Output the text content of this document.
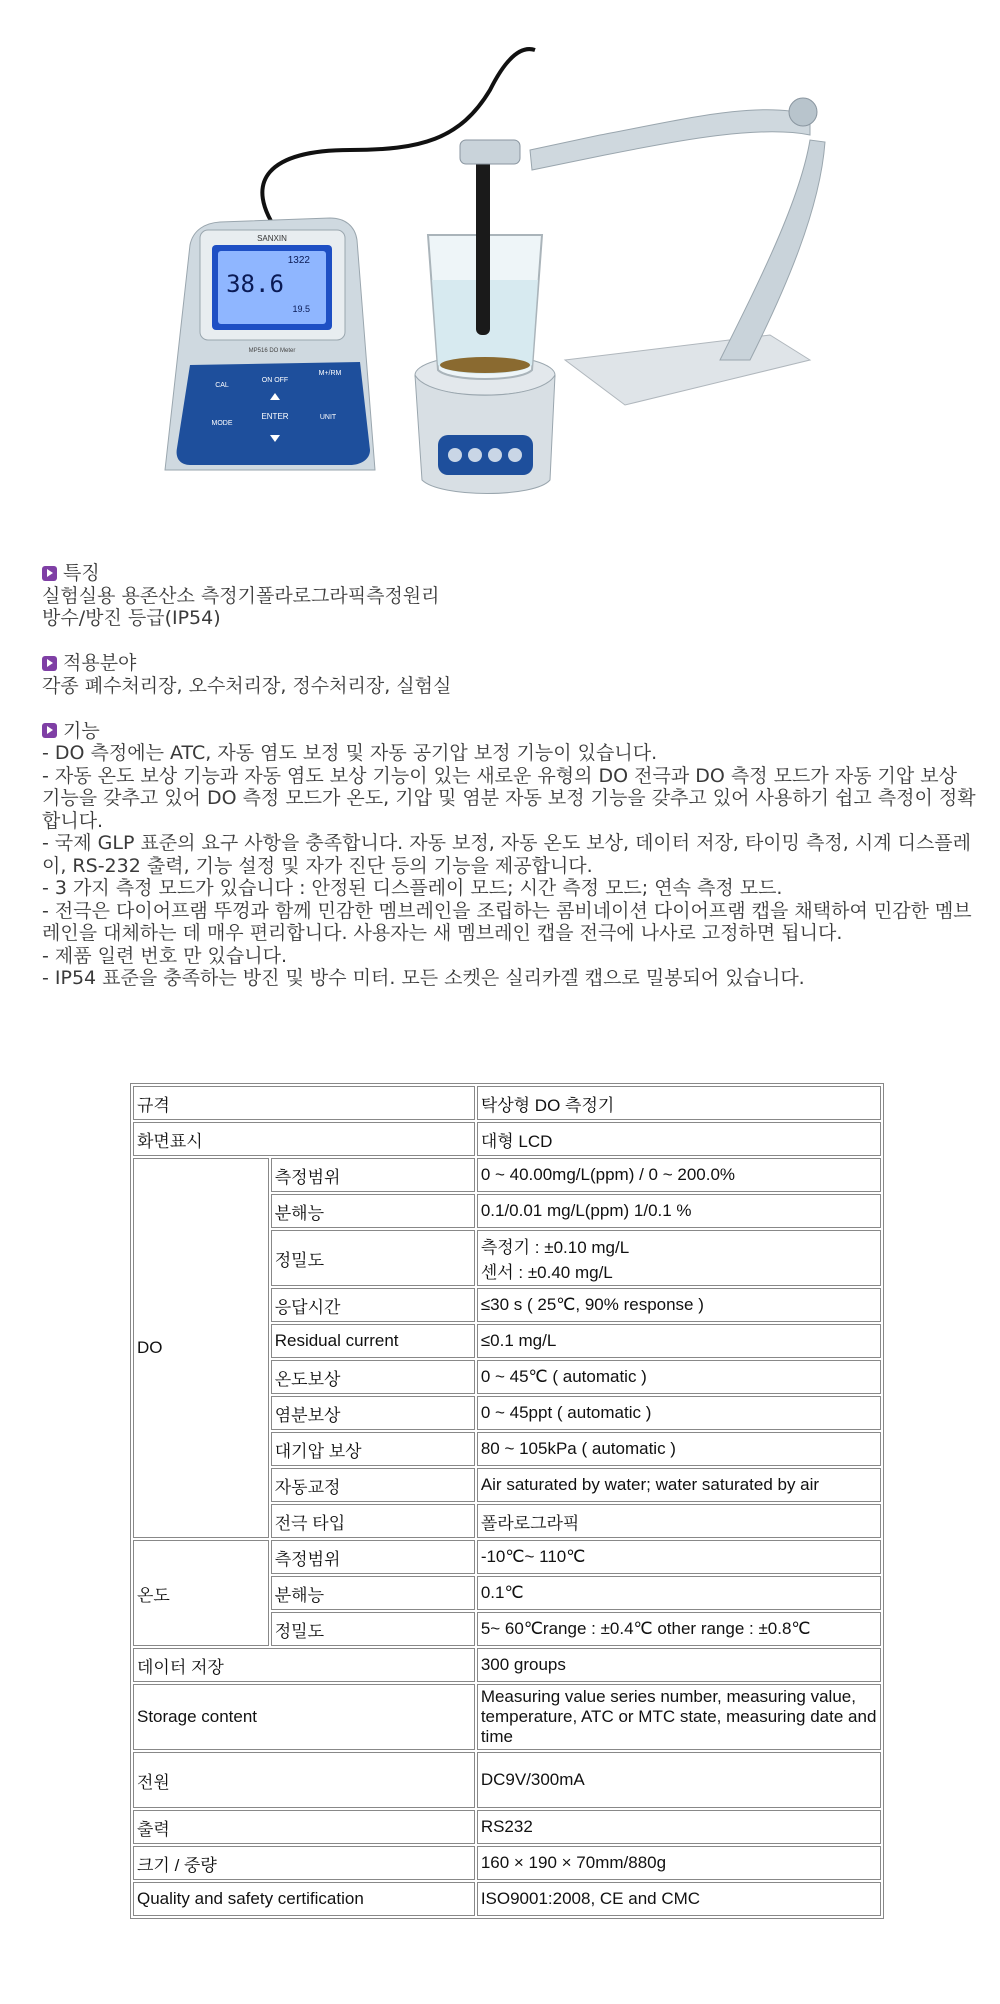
SANXIN
1322
38.6
19.5
MP516 DO Meter
CAL
ON OFF
M+/RM
MODE
ENTER	UNIT
특징
실험실용 용존산소 측정기폴라로그라픽측정원리
방수/방진 등급(IP54)
적용분야
각종 폐수처리장, 오수처리장, 정수처리장, 실험실
기능
- DO 측정에는 ATC, 자동 염도 보정 및 자동 공기압 보정 기능이 있습니다.
- 자동 온도 보상 기능과 자동 염도 보상 기능이 있는 새로운 유형의 DO 전극과 DO 측정 모드가 자동 기압 보상 기능을 갖추고 있어 DO 측정 모드가 온도, 기압 및 염분 자동 보정 기능을 갖추고 있어 사용하기 쉽고 측정이 정확합니다.
- 국제 GLP 표준의 요구 사항을 충족합니다. 자동 보정, 자동 온도 보상, 데이터 저장, 타이밍 측정, 시계 디스플레이, RS-232 출력, 기능 설정 및 자가 진단 등의 기능을 제공합니다.
- 3 가지 측정 모드가 있습니다 : 안정된 디스플레이 모드; 시간 측정 모드; 연속 측정 모드.
- 전극은 다이어프램 뚜껑과 함께 민감한 멤브레인을 조립하는 콤비네이션 다이어프램 캡을 채택하여 민감한 멤브레인을 대체하는 데 매우 편리합니다. 사용자는 새 멤브레인 캡을 전극에 나사로 고정하면 됩니다.
- 제품 일련 번호 만 있습니다.
- IP54 표준을 충족하는 방진 및 방수 미터. 모든 소켓은 실리카겔 캡으로 밀봉되어 있습니다.
규격		탁상형 DO 측정기
화면표시		대형 LCD
DO	측정범위	0 ~ 40.00mg/L(ppm) / 0 ~ 200.0%
	분해능	0.1/0.01 mg/L(ppm) 1/0.1 %
	정밀도	측정기 : ±0.10 mg/L
센서 : ±0.40 mg/L

	응답시간	≤30 s ( 25℃, 90% response )
	Residual current	≤0.1 mg/L
	온도보상	0 ~ 45℃ ( automatic )
	염분보상	0 ~ 45ppt ( automatic )
	대기압 보상	80 ~ 105kPa ( automatic )
	자동교정	Air saturated by water; water saturated by air
	전극 타입	폴라로그라픽
온도	측정범위	-10℃~ 110℃
	분해능	0.1℃
	정밀도	5~ 60℃range : ±0.4℃ other range : ±0.8℃
데이터 저장		300 groups
Storage content		Measuring value series number, measuring value, temperature, ATC or MTC state, measuring date and time
전원		DC9V/300mA
출력		RS232
크기 / 중량		160 × 190 × 70mm/880g
Quality and safety certification		ISO9001:2008, CE and CMC
